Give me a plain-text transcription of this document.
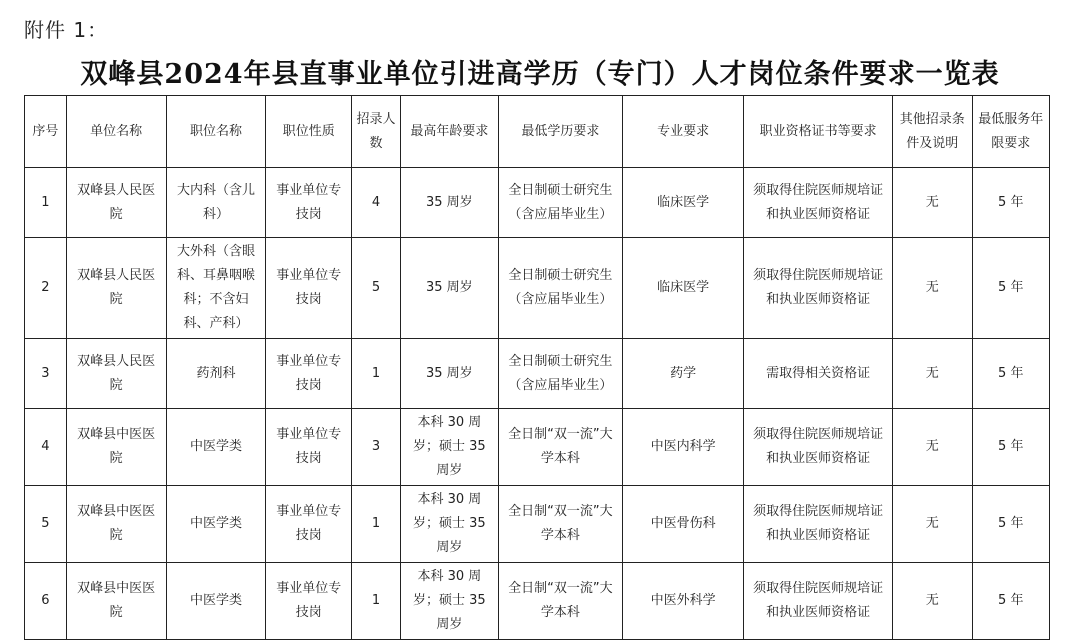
附件 1：
双峰县2024年县直事业单位引进高学历（专门）人才岗位条件要求一览表
序号	单位名称	职位名称	职位性质	招录人数	最高年龄要求	最低学历要求	专业要求	职业资格证书等要求	其他招录条件及说明	最低服务年限要求
1	双峰县人民医院	大内科（含儿科）	事业单位专技岗	4	35 周岁	全日制硕士研究生（含应届毕业生）	临床医学	须取得住院医师规培证和执业医师资格证	无	5 年
2	双峰县人民医院	大外科（含眼科、耳鼻咽喉科；不含妇科、产科）	事业单位专技岗	5	35 周岁	全日制硕士研究生（含应届毕业生）	临床医学	须取得住院医师规培证和执业医师资格证	无	5 年
3	双峰县人民医院	药剂科	事业单位专技岗	1	35 周岁	全日制硕士研究生（含应届毕业生）	药学	需取得相关资格证	无	5 年
4	双峰县中医医院	中医学类	事业单位专技岗	3	本科 30 周岁；硕士 35 周岁	全日制“双一流”大学本科	中医内科学	须取得住院医师规培证和执业医师资格证	无	5 年
5	双峰县中医医院	中医学类	事业单位专技岗	1	本科 30 周岁；硕士 35 周岁	全日制“双一流”大学本科	中医骨伤科	须取得住院医师规培证和执业医师资格证	无	5 年
6	双峰县中医医院	中医学类	事业单位专技岗	1	本科 30 周岁；硕士 35 周岁	全日制“双一流”大学本科	中医外科学	须取得住院医师规培证和执业医师资格证	无	5 年
